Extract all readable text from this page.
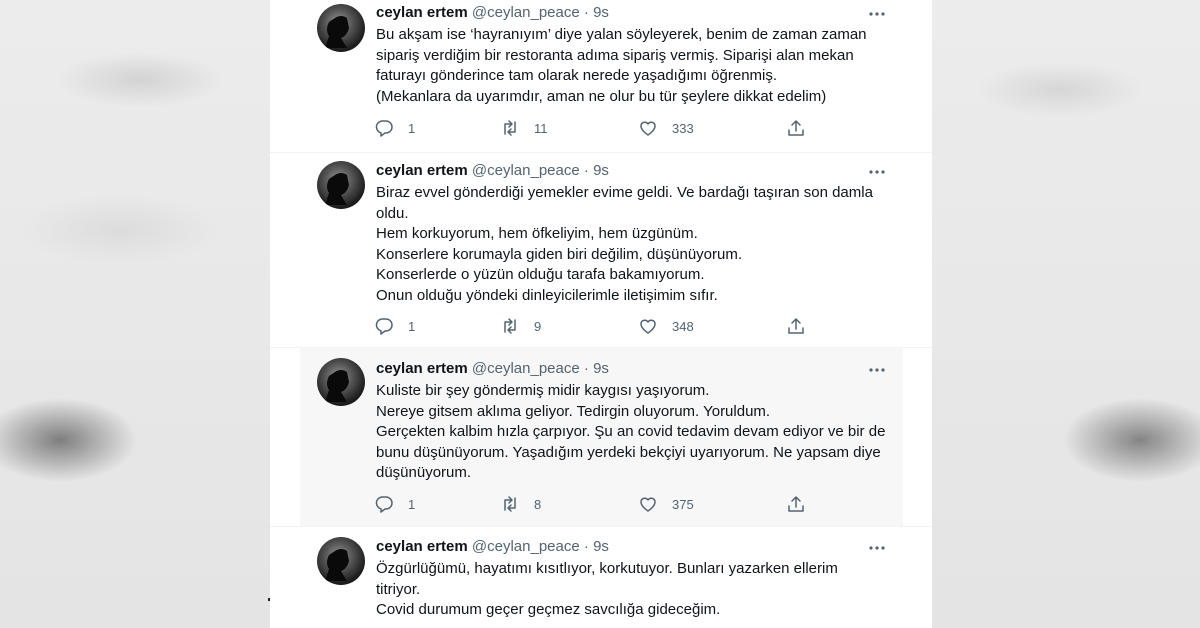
ceylan ertem @ceylan_peace · 9s
Bu akşam ise ‘hayranıyım’ diye yalan söyleyerek, benim de zaman zaman
sipariş verdiğim bir restoranta adıma sipariş vermiş. Siparişi alan mekan
faturayı gönderince tam olarak nerede yaşadığımı öğrenmiş.
(Mekanlara da uyarımdır, aman ne olur bu tür şeylere dikkat edelim)
1	11	333
ceylan ertem @ceylan_peace · 9s
Biraz evvel gönderdiği yemekler evime geldi. Ve bardağı taşıran son damla
oldu.
Hem korkuyorum, hem öfkeliyim, hem üzgünüm.
Konserlere korumayla giden biri değilim, düşünüyorum.
Konserlerde o yüzün olduğu tarafa bakamıyorum.
Onun olduğu yöndeki dinleyicilerimle iletişimim sıfır.
1	9	348
ceylan ertem @ceylan_peace · 9s
Kuliste bir şey göndermiş midir kaygısı yaşıyorum.
Nereye gitsem aklıma geliyor. Tedirgin oluyorum. Yoruldum.
Gerçekten kalbim hızla çarpıyor. Şu an covid tedavim devam ediyor ve bir de
bunu düşünüyorum. Yaşadığım yerdeki bekçiyi uyarıyorum. Ne yapsam diye
düşünüyorum.
1	8	375
ceylan ertem @ceylan_peace · 9s
Özgürlüğümü, hayatımı kısıtlıyor, korkutuyor. Bunları yazarken ellerim
titriyor.
Covid durumum geçer geçmez savcılığa gideceğim.
